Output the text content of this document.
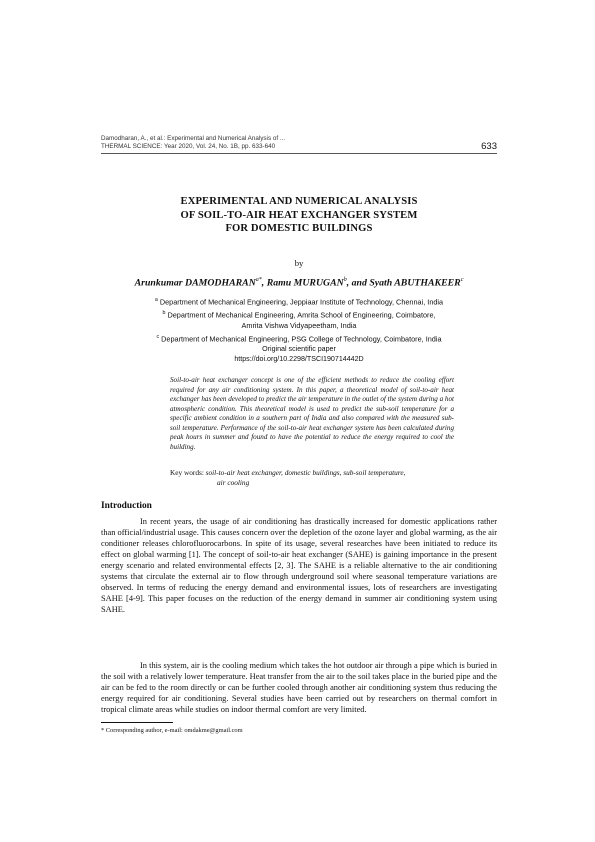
Damodharan, A., et al.: Experimental and Numerical Analysis of ...
THERMAL SCIENCE: Year 2020, Vol. 24, No. 1B, pp. 633-640	633
EXPERIMENTAL AND NUMERICAL ANALYSIS
OF SOIL-TO-AIR HEAT EXCHANGER SYSTEM
FOR DOMESTIC BUILDINGS
by
Arunkumar $DAMODHARAN^{a*}$, Ramu MURUGAN$^b$, and Syath ABUTHAKEER$^c$
$^a$ Department of Mechanical Engineering, Jeppiaar Institute of Technology, Chennai, India
$^b$ Department of Mechanical Engineering, Amrita School of Engineering, Coimbatore,
Amrita Vishwa Vidyapeetham, India
$^c$ Department of Mechanical Engineering, PSG College of Technology, Coimbatore, India
Original scientific paper
https://doi.org/10.2298/TSCI190714442D
Soil-to-air heat exchanger concept is one of the efficient methods to reduce the cooling effort required for any air conditioning system. In this paper, a theoretical model of soil-to-air heat exchanger has been developed to predict the air temperature in the outlet of the system during a hot atmospheric condition. This theoretical model is used to predict the sub-soil temperature for a specific ambient condition in a southern part of India and also compared with the measured sub-soil temperature. Performance of the soil-to-air heat exchanger system has been calculated during peak hours in summer and found to have the potential to reduce the energy required to cool the building.
Key words: soil-to-air heat exchanger, domestic buildings, sub-soil temperature,
air cooling
Introduction

In recent years, the usage of air conditioning has drastically increased for domestic applications rather than official/industrial usage. This causes concern over the depletion of the ozone layer and global warming, as the air conditioner releases chlorofluorocarbons. In spite of its usage, several researches have been initiated to reduce its effect on global warming [1]. The concept of soil-to-air heat exchanger (SAHE) is gaining importance in the present energy scenario and related environmental effects [2, 3]. The SAHE is a reliable alternative to the air conditioning systems that circulate the external air to flow through underground soil where seasonal temperature variations are observed. In terms of reducing the energy demand and environmental issues, lots of researchers are investigating SAHE [4-9]. This paper focuses on the reduction of the energy demand in summer air conditioning system using SAHE.

In this system, air is the cooling medium which takes the hot outdoor air through a pipe which is buried in the soil with a relatively lower temperature. Heat transfer from the air to the soil takes place in the buried pipe and the air can be fed to the room directly or can be further cooled through another air conditioning system thus reducing the energy required for air conditioning. Several studies have been carried out by researchers on thermal comfort in tropical climate areas while studies on indoor thermal comfort are very limited.

* Corresponding author, e-mail: omdakme@gmail.com
